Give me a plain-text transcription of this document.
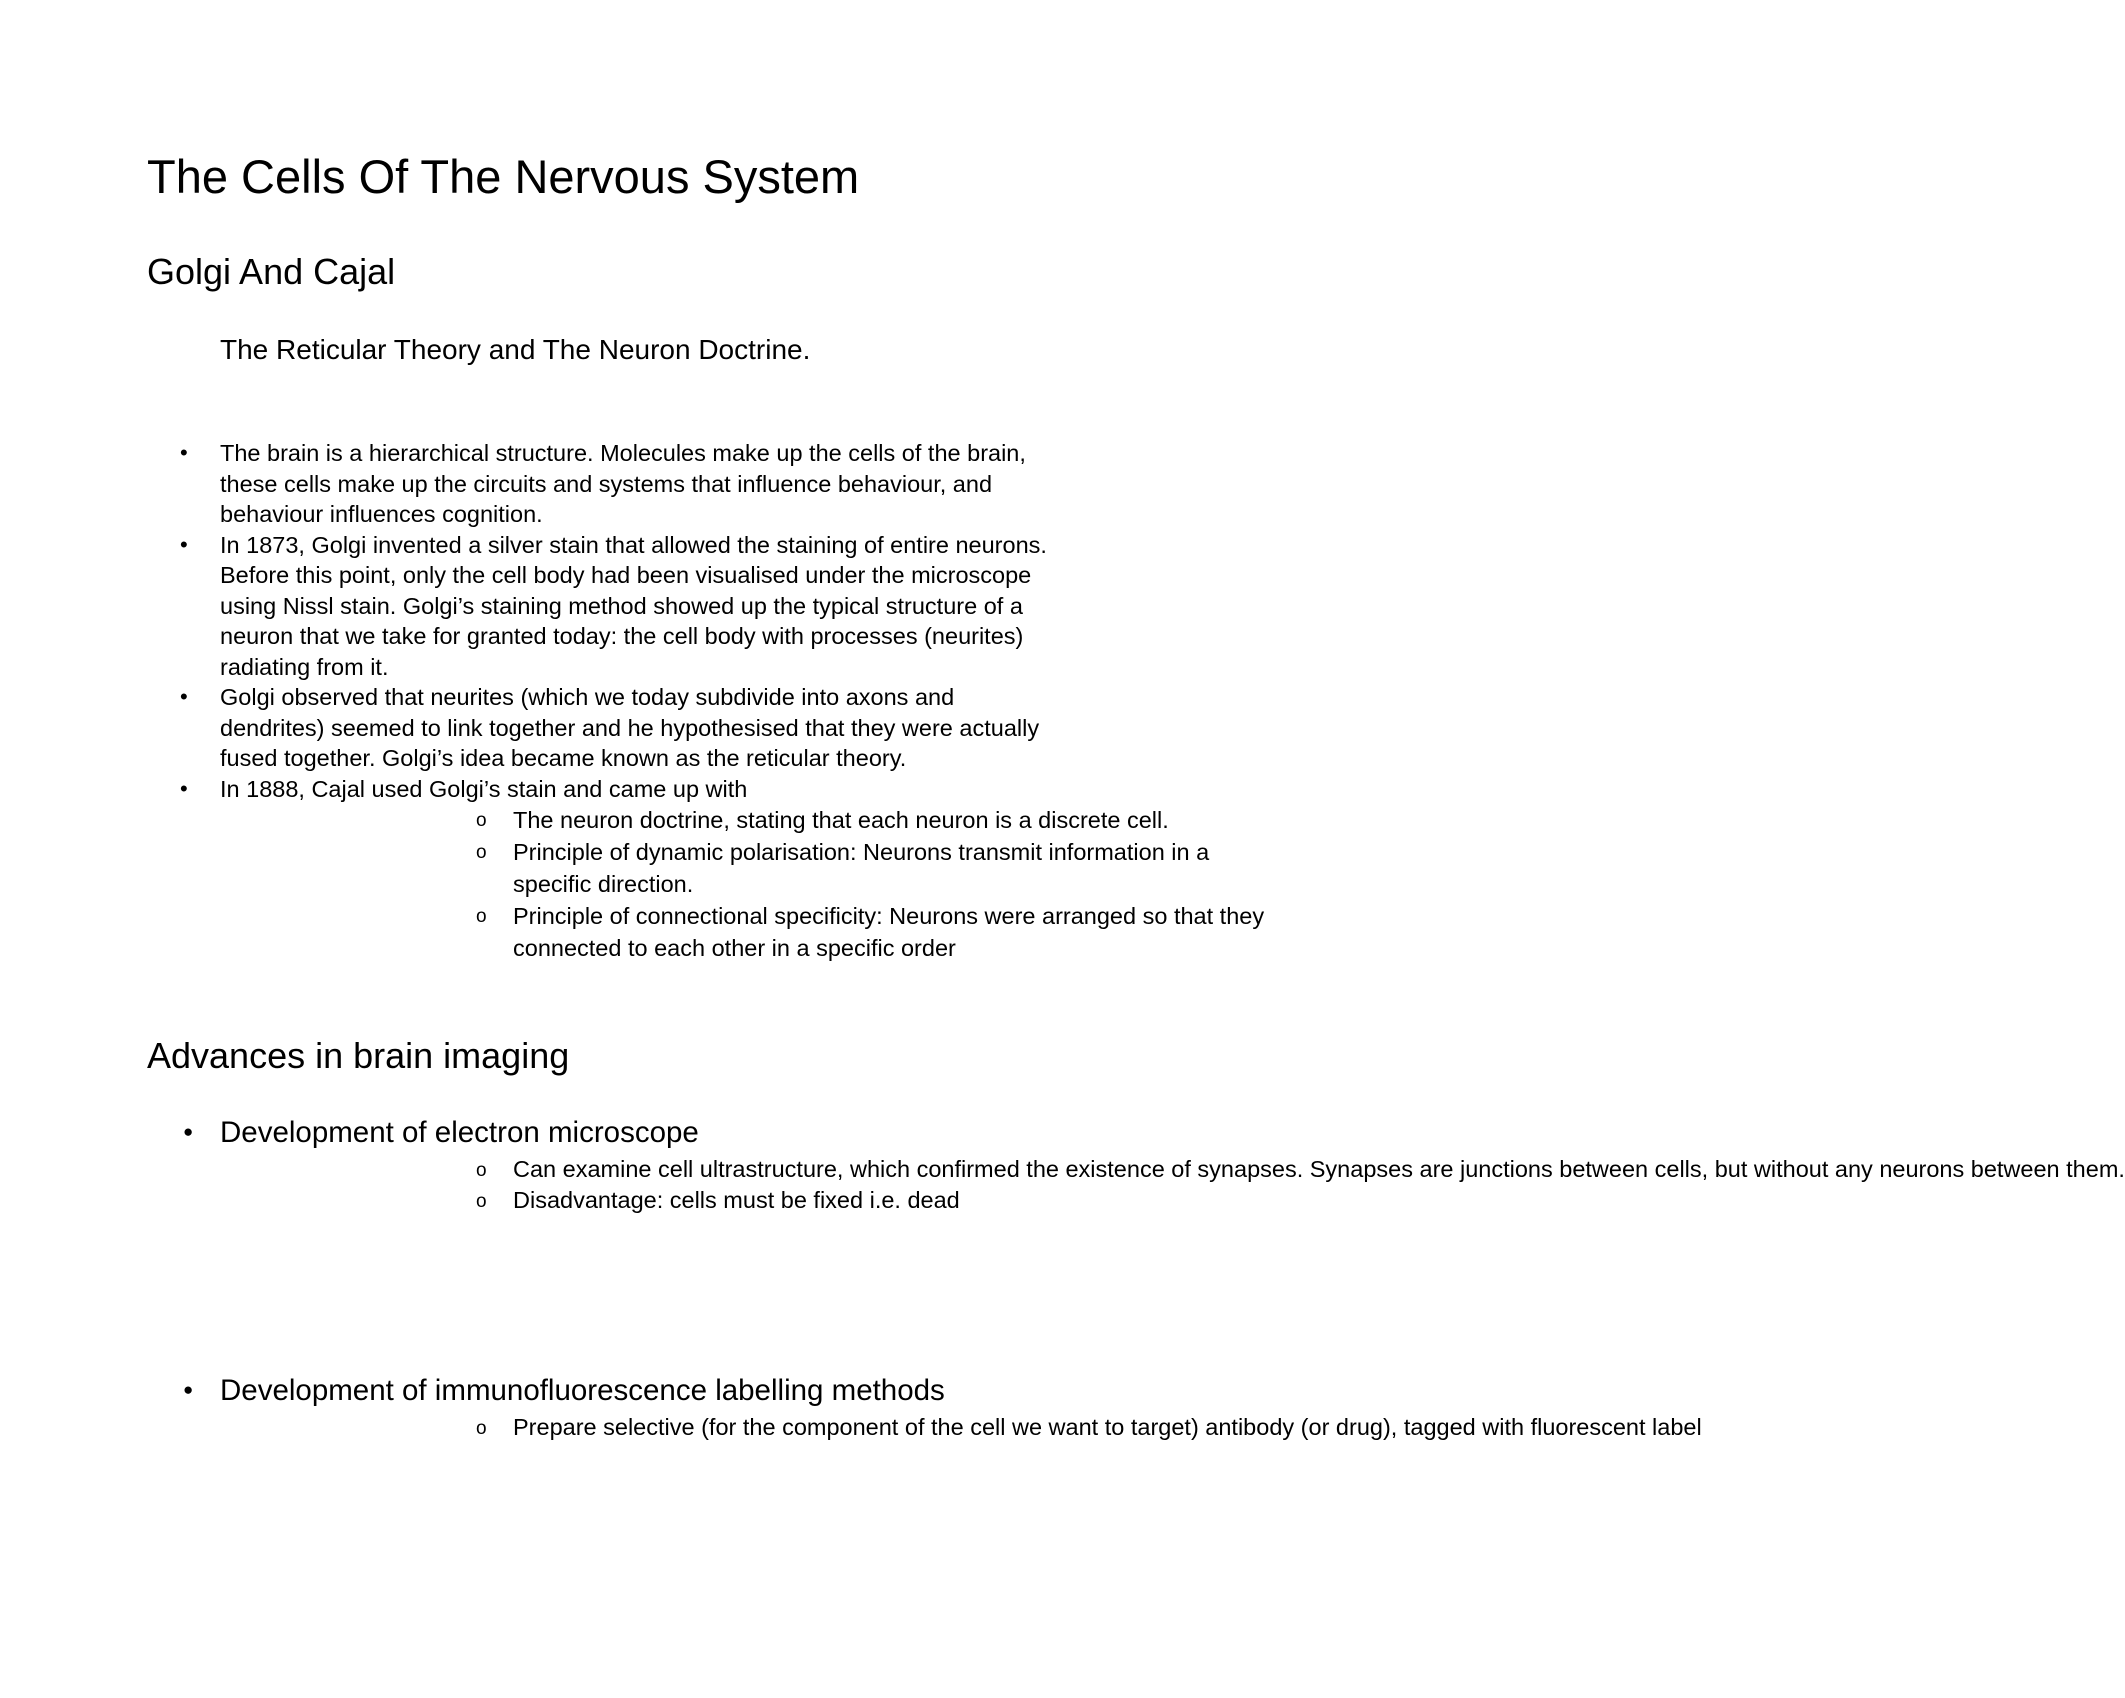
The Cells Of The Nervous System
Golgi And Cajal
The Reticular Theory and The Neuron Doctrine.
• The brain is a hierarchical structure. Molecules make up the cells of the brain, these cells make up the circuits and systems that influence behaviour, and behaviour influences cognition.
• In 1873, Golgi invented a silver stain that allowed the staining of entire neurons. Before this point, only the cell body had been visualised under the microscope using Nissl stain. Golgi’s staining method showed up the typical structure of a neuron that we take for granted today: the cell body with processes (neurites) radiating from it.
• Golgi observed that neurites (which we today subdivide into axons and dendrites) seemed to link together and he hypothesised that they were actually fused together. Golgi’s idea became known as the reticular theory.
• In 1888, Cajal used Golgi’s stain and came up with
o The neuron doctrine, stating that each neuron is a discrete cell.
o Principle of dynamic polarisation: Neurons transmit information in a specific direction.
o Principle of connectional specificity: Neurons were arranged so that they connected to each other in a specific order
Advances in brain imaging
● Development of electron microscope
o Can examine cell ultrastructure, which confirmed the existence of synapses. Synapses are junctions between cells, but without any neurons between them.
o Disadvantage: cells must be fixed i.e. dead
● Development of immunofluorescence labelling methods
o Prepare selective (for the component of the cell we want to target) antibody (or drug), tagged with fluorescent label
